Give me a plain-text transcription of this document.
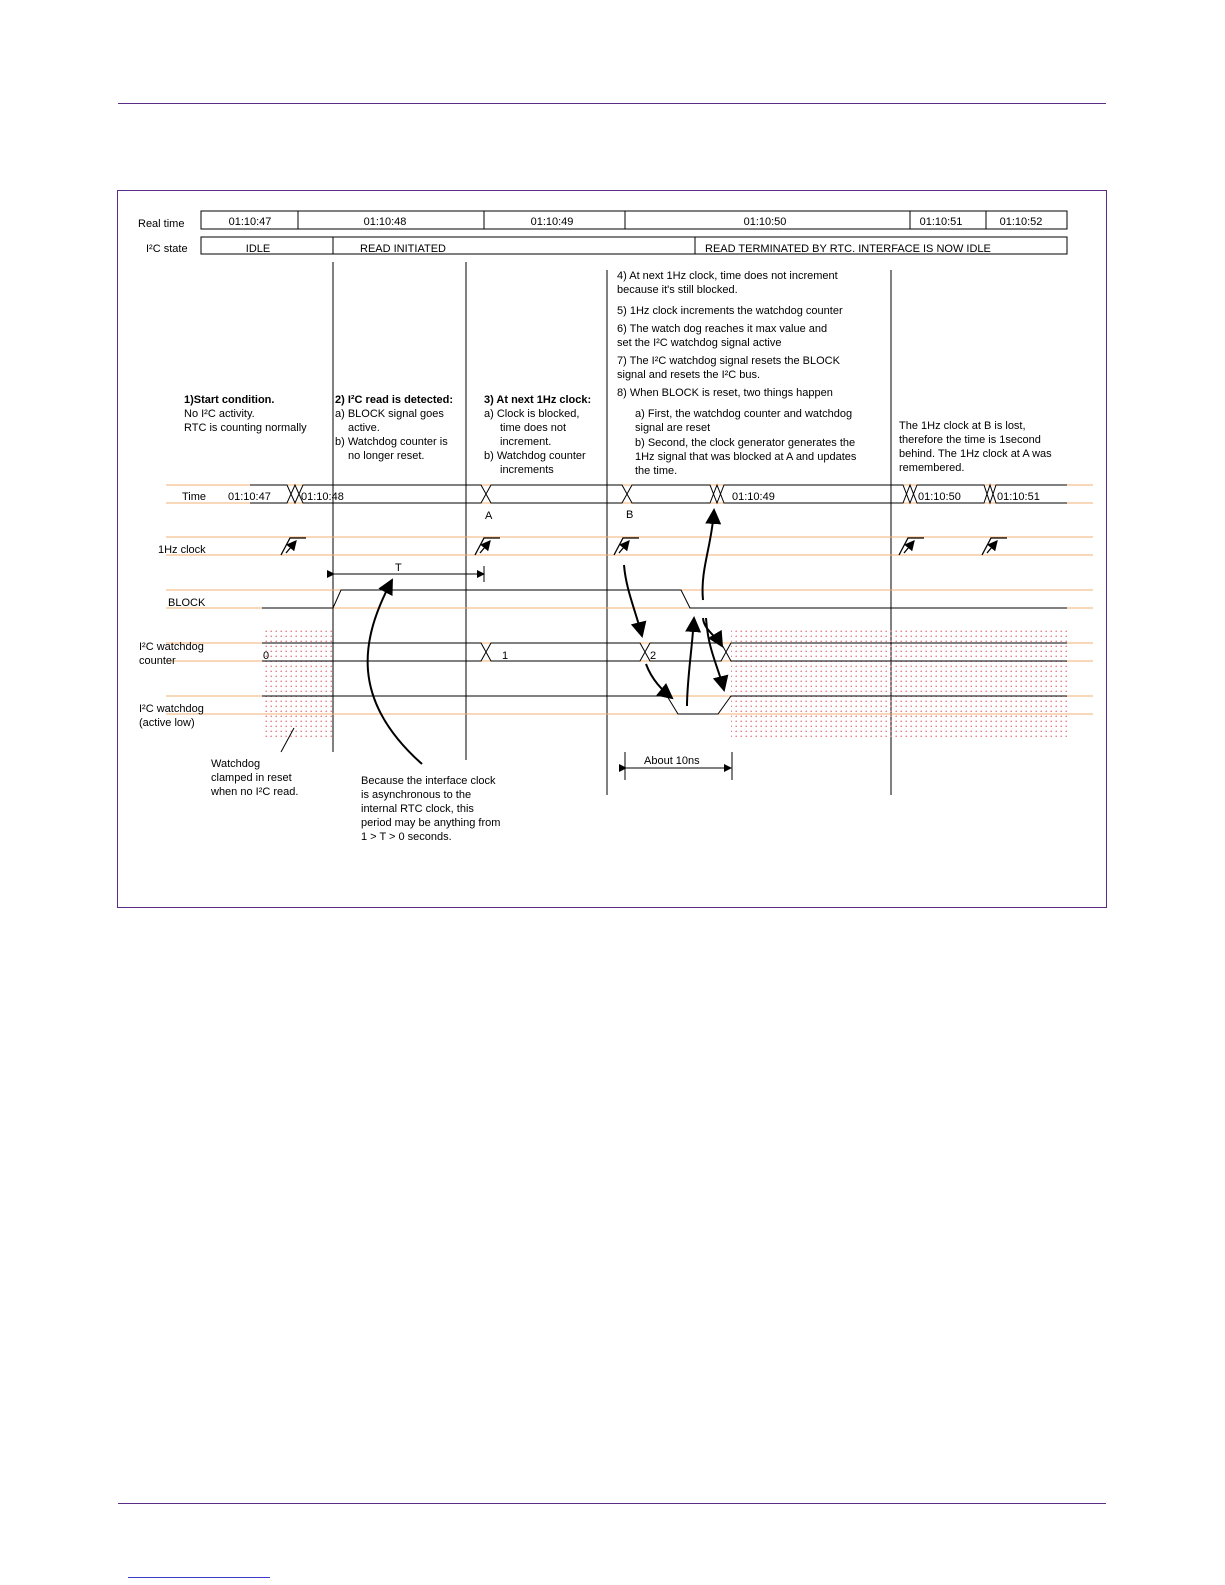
Real time	01:10:47	01:10:48	01:10:49	01:10:50	01:10:51	01:10:52
I²C state	IDLE	READ INITIATED	READ TERMINATED BY RTC. INTERFACE IS NOW IDLE
1)Start condition.
No I²C activity.
RTC is counting normally
2) I²C read is detected:
a) BLOCK signal goes
active.
b) Watchdog counter is
no longer reset.
3) At next 1Hz clock:
a) Clock is blocked,
time does not
increment.
b) Watchdog counter
increments
4) At next 1Hz clock, time does not increment
because it's still blocked.
5) 1Hz clock increments the watchdog counter
6) The watch dog reaches it max value and
set the I²C watchdog signal active
7) The I²C watchdog signal resets the BLOCK
signal and resets the I²C bus.
8) When BLOCK is reset, two things happen
a) First, the watchdog counter and watchdog
signal are reset
b) Second, the clock generator generates the
1Hz signal that was blocked at A and updates
the time.
The 1Hz clock at B is lost,
therefore the time is 1second
behind. The 1Hz clock at A was
remembered.
Time
1Hz clock
BLOCK
I²C watchdog
counter
I²C watchdog
(active low)
01:10:47	01:10:48	01:10:49	01:10:50	01:10:51
A	B
T
0	1	2
About 10ns
Watchdog
clamped in reset
when no I²C read.
Because the interface clock
is asynchronous to the
internal RTC clock, this
period may be anything from
1 > T > 0 seconds.
